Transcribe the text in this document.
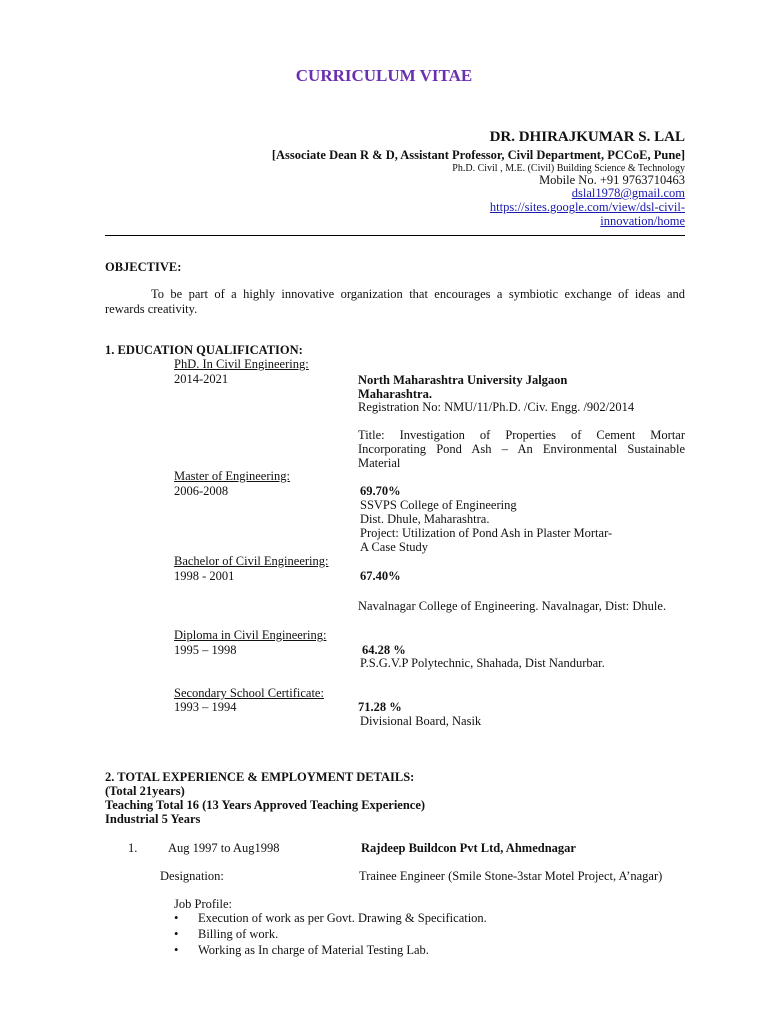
CURRICULUM VITAE
DR. DHIRAJKUMAR S. LAL
[Associate Dean R & D, Assistant Professor, Civil Department, PCCoE, Pune]
Ph.D. Civil , M.E. (Civil) Building Science & Technology
Mobile No. +91 9763710463
dslal1978@gmail.com
https://sites.google.com/view/dsl-civil-
innovation/home
OBJECTIVE:
To be part of a highly innovative organization that encourages a symbiotic exchange of ideas and
rewards creativity.
1. EDUCATION QUALIFICATION:
PhD. In Civil Engineering:
2014-2021	North Maharashtra University Jalgaon
Maharashtra.
Registration No: NMU/11/Ph.D. /Civ. Engg. /902/2014
Title: Investigation of Properties of Cement Mortar
Incorporating Pond Ash – An Environmental Sustainable
Material
Master of Engineering:
2006-2008	69.70%
SSVPS College of Engineering
Dist. Dhule, Maharashtra.
Project: Utilization of Pond Ash in Plaster Mortar-
A Case Study
Bachelor of Civil Engineering:
1998 - 2001	67.40%
Navalnagar College of Engineering. Navalnagar, Dist: Dhule.
Diploma in Civil Engineering:
1995 – 1998	64.28 %
P.S.G.V.P Polytechnic, Shahada, Dist Nandurbar.
Secondary School Certificate:
1993 – 1994	71.28 %
Divisional Board, Nasik
2. TOTAL EXPERIENCE & EMPLOYMENT DETAILS:
(Total 21years)
Teaching Total 16 (13 Years Approved Teaching Experience)
Industrial 5 Years
1. Aug 1997 to Aug1998	Rajdeep Buildcon Pvt Ltd, Ahmednagar
Designation:	Trainee Engineer (Smile Stone-3star Motel Project, A’nagar)
Job Profile:
• Execution of work as per Govt. Drawing & Specification.
• Billing of work.
• Working as In charge of Material Testing Lab.
